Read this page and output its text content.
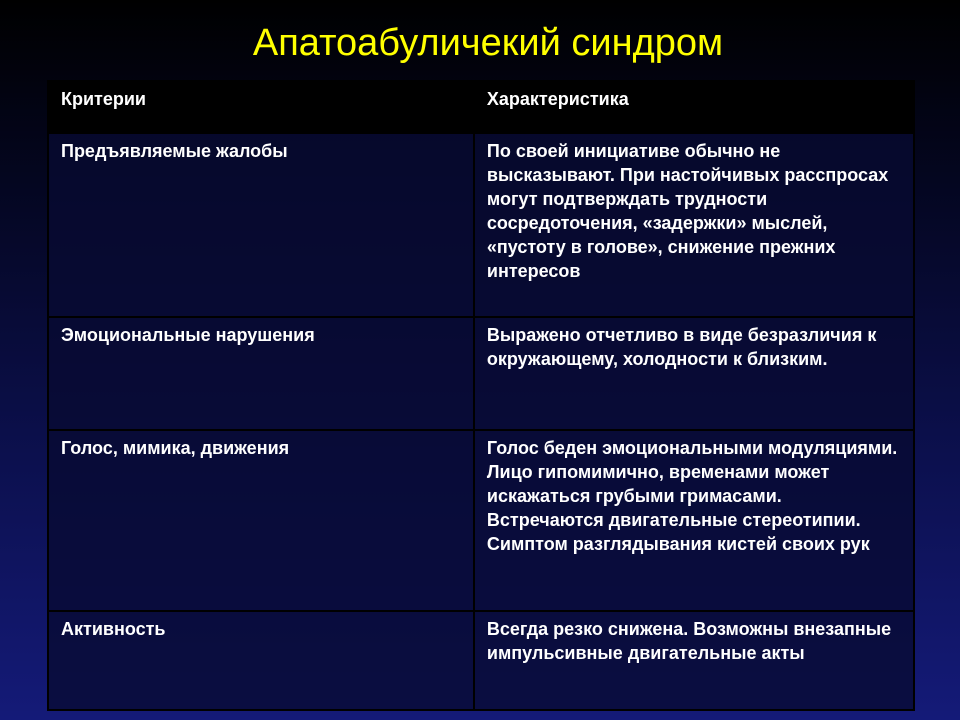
Апатоабуличекий синдром
Критерии	Характеристика
Предъявляемые жалобы	По своей инициативе обычно не высказывают. При настойчивых расспросах могут подтверждать трудности сосредоточения, «задержки» мыслей, «пустоту в голове», снижение прежних интересов
Эмоциональные нарушения	Выражено отчетливо в виде безразличия к окружающему, холодности к близким.
Голос, мимика, движения	Голос беден эмоциональными модуляциями. Лицо гипомимично, временами может искажаться грубыми гримасами. Встречаются двигательные стереотипии. Симптом разглядывания кистей своих рук
Активность	Всегда резко снижена. Возможны внезапные импульсивные двигательные акты
